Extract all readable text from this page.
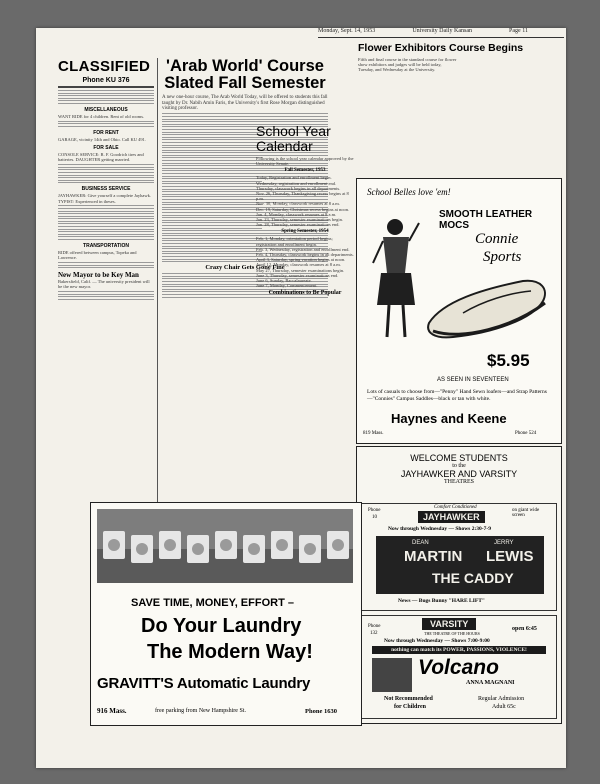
Monday, Sept. 14, 1953	University Daily Kansan	Page 11
CLASSIFIED
Phone KU 376
MISCELLANEOUS
WANT RIDE for 4 children. Rent of old rooms.
FOR RENT
GARAGE, vicinity 14th and Ohio. Call KU 491.
FOR SALE
CONSOLE SERVICE: R. F. Goodrich tires and batteries. DAUGHTER getting married.
BUSINESS SERVICE
JAYHAWKER: Give yourself a complete Jayhawk. TYPIST: Experienced in theses.
TRANSPORTATION
RIDE offered between campus, Topeka and Lawrence.
New Mayor to be Key Man
Bakersfield, Calif. — The university president will be the new mayor.
'Arab World' Course Slated Fall Semester
A new one-hour course, The Arab World Today, will be offered to students this fall taught by Dr. Nabih Amin Faris, the University's first Rose Morgan distinguished visiting professor.
Crazy Chair Gets Gone Fine
School Year Calendar
Following is the school year calendar approved by the University Senate.
Fall Semester, 1953
Today, Registration and enrollment begin.
Wednesday, registration and enrollment end.
Thursday, classwork begins in all departments.
Nov. 26, Thursday, Thanksgiving recess begins at 8 p.m.
Nov. 30, Monday, classwork resumes at 8 a.m.
Dec. 19, Saturday, Christmas recess begins at noon.
Jan. 4, Monday, classwork resumes at 8 a.m.
Jan. 23, Thursday, semester examinations begin.
Jan. 28, Thursday, semester examinations end.
Spring Semester, 1954
Feb. 1, Monday, orientation period begins; registration and enrollment begin.
Feb. 3, Wednesday, registration and enrollment end.
Feb. 4, Thursday, classwork begins in all departments.
April 3, Saturday, spring vacation begins at noon.
April 12, Monday, classwork resumes at 8 a.m.
May 27, Thursday, semester examinations begin.
June 3, Thursday, semester examinations end.
June 6, Sunday, Baccalaureate.
June 7, Monday, Commencement.
Combinations to Be Popular
Flower Exhibitors Course Begins
Fifth and final course in the standard course for flower show exhibitors and judges will be held today, Tuesday, and Wednesday at the University.
School Belles love 'em!
SMOOTH LEATHER MOCS
Connie
Sports
$5.95
AS SEEN IN SEVENTEEN
Lots of casuals to choose from—"Penny" Hand Sewn loafers—and Strap Patterns—"Connies" Campus Saddles—black or tan with white.
Haynes and Keene
819 Mass.	Phone 524
WELCOME STUDENTS
to the
JAYHAWKER AND VARSITY
THEATRES
Comfort Conditioned
JAYHAWKER
Phone
10
on giant wide screen
Now through Wednesday — Shows 2:30-7-9
DEAN
MARTIN
JERRY
LEWIS
THE CADDY
News — Bugs Bunny "HARE LIFT"
VARSITY
THE THEATRE OF THE HOURS
Phone
132
open 6:45
Now through Wednesday — Shows 7:00-9:00
nothing can match its POWER, PASSIONS, VIOLENCE!
Volcano
ANNA MAGNANI
Not Recommended
for Children
Regular Admission
Adult 65c
SAVE TIME, MONEY, EFFORT –
Do Your Laundry
The Modern Way!
GRAVITT'S Automatic Laundry
916 Mass.	free parking from New Hampshire St.	Phone 1630
